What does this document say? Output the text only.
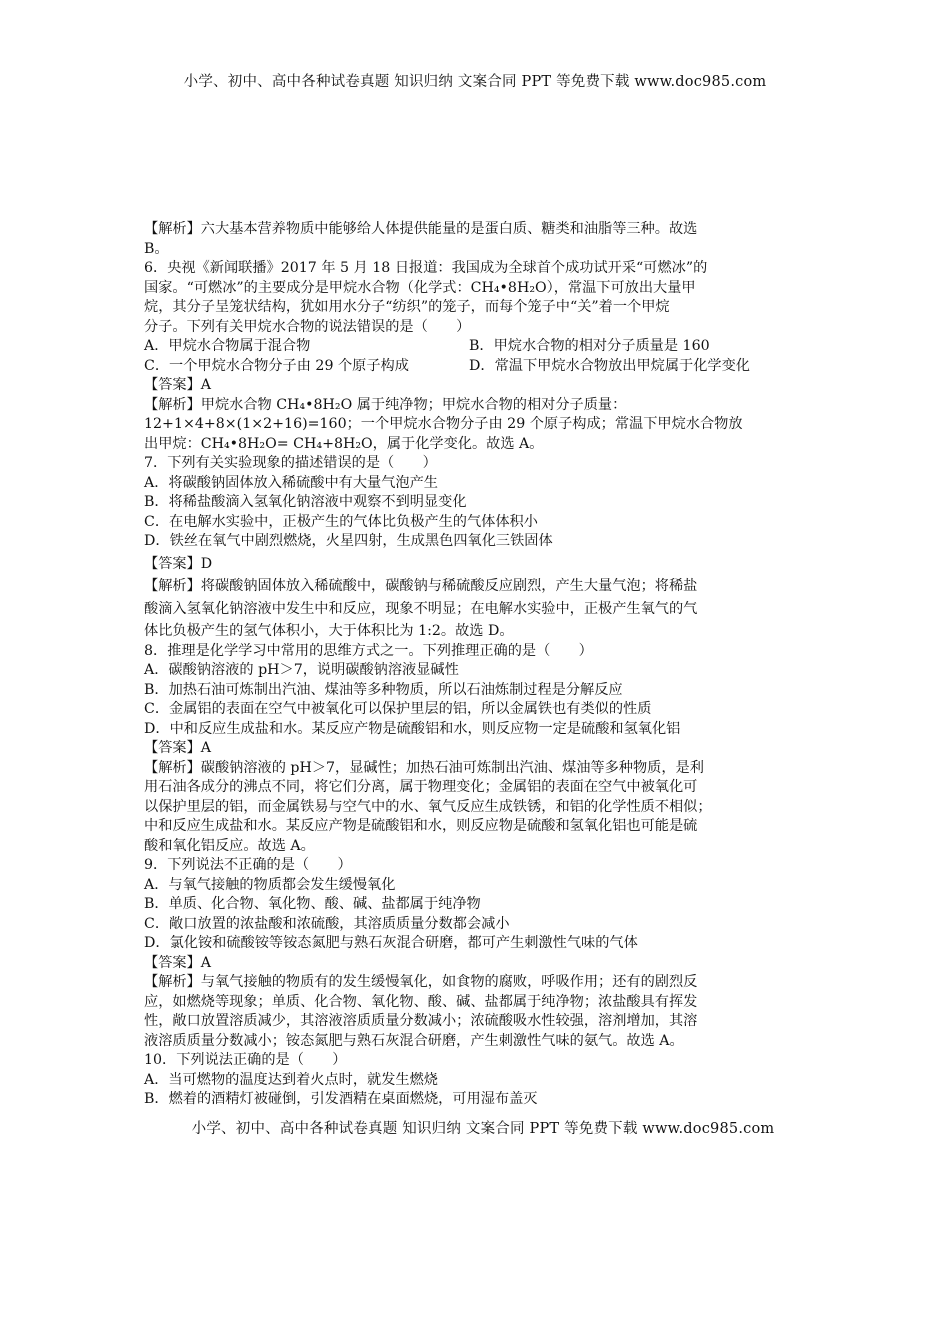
小学、初中、高中各种试卷真题 知识归纳 文案合同 PPT 等免费下载 www.doc985.com
【解析】六大基本营养物质中能够给人体提供能量的是蛋白质、糖类和油脂等三种。故选
B。
6．央视《新闻联播》2017 年 5 月 18 日报道：我国成为全球首个成功试开采“可燃冰”的
国家。“可燃冰”的主要成分是甲烷水合物（化学式：CH₄•8H₂O），常温下可放出大量甲
烷，其分子呈笼状结构，犹如用水分子“纺织”的笼子，而每个笼子中“关”着一个甲烷
分子。下列有关甲烷水合物的说法错误的是（　　）
A．甲烷水合物属于混合物	B．甲烷水合物的相对分子质量是 160
C．一个甲烷水合物分子由 29 个原子构成	D．常温下甲烷水合物放出甲烷属于化学变化
【答案】A
【解析】甲烷水合物 CH₄•8H₂O 属于纯净物；甲烷水合物的相对分子质量：
12+1×4+8×(1×2+16)=160；一个甲烷水合物分子由 29 个原子构成；常温下甲烷水合物放
出甲烷：CH₄•8H₂O= CH₄+8H₂O，属于化学变化。故选 A。
7．下列有关实验现象的描述错误的是（　　）
A．将碳酸钠固体放入稀硫酸中有大量气泡产生
B．将稀盐酸滴入氢氧化钠溶液中观察不到明显变化
C．在电解水实验中，正极产生的气体比负极产生的气体体积小
D．铁丝在氧气中剧烈燃烧，火星四射，生成黑色四氧化三铁固体
【答案】D
【解析】将碳酸钠固体放入稀硫酸中，碳酸钠与稀硫酸反应剧烈，产生大量气泡；将稀盐
酸滴入氢氧化钠溶液中发生中和反应，现象不明显；在电解水实验中，正极产生氧气的气
体比负极产生的氢气体积小，大于体积比为 1:2。故选 D。
8．推理是化学学习中常用的思维方式之一。下列推理正确的是（　　）
A．碳酸钠溶液的 pH＞7，说明碳酸钠溶液显碱性
B．加热石油可炼制出汽油、煤油等多种物质，所以石油炼制过程是分解反应
C．金属铝的表面在空气中被氧化可以保护里层的铝，所以金属铁也有类似的性质
D．中和反应生成盐和水。某反应产物是硫酸铝和水，则反应物一定是硫酸和氢氧化铝
【答案】A
【解析】碳酸钠溶液的 pH＞7，显碱性；加热石油可炼制出汽油、煤油等多种物质，是利
用石油各成分的沸点不同，将它们分离，属于物理变化；金属铝的表面在空气中被氧化可
以保护里层的铝，而金属铁易与空气中的水、氧气反应生成铁锈，和铝的化学性质不相似；
中和反应生成盐和水。某反应产物是硫酸铝和水，则反应物是硫酸和氢氧化铝也可能是硫
酸和氧化铝反应。故选 A。
9．下列说法不正确的是（　　）
A．与氧气接触的物质都会发生缓慢氧化
B．单质、化合物、氧化物、酸、碱、盐都属于纯净物
C．敞口放置的浓盐酸和浓硫酸，其溶质质量分数都会减小
D．氯化铵和硫酸铵等铵态氮肥与熟石灰混合研磨，都可产生刺激性气味的气体
【答案】A
【解析】与氧气接触的物质有的发生缓慢氧化，如食物的腐败，呼吸作用；还有的剧烈反
应，如燃烧等现象；单质、化合物、氧化物、酸、碱、盐都属于纯净物；浓盐酸具有挥发
性，敞口放置溶质减少，其溶液溶质质量分数减小；浓硫酸吸水性较强，溶剂增加，其溶
液溶质质量分数减小；铵态氮肥与熟石灰混合研磨，产生刺激性气味的氨气。故选 A。
10．下列说法正确的是（　　）
A．当可燃物的温度达到着火点时，就发生燃烧
B．燃着的酒精灯被碰倒，引发酒精在桌面燃烧，可用湿布盖灭
小学、初中、高中各种试卷真题 知识归纳 文案合同 PPT 等免费下载 www.doc985.com
